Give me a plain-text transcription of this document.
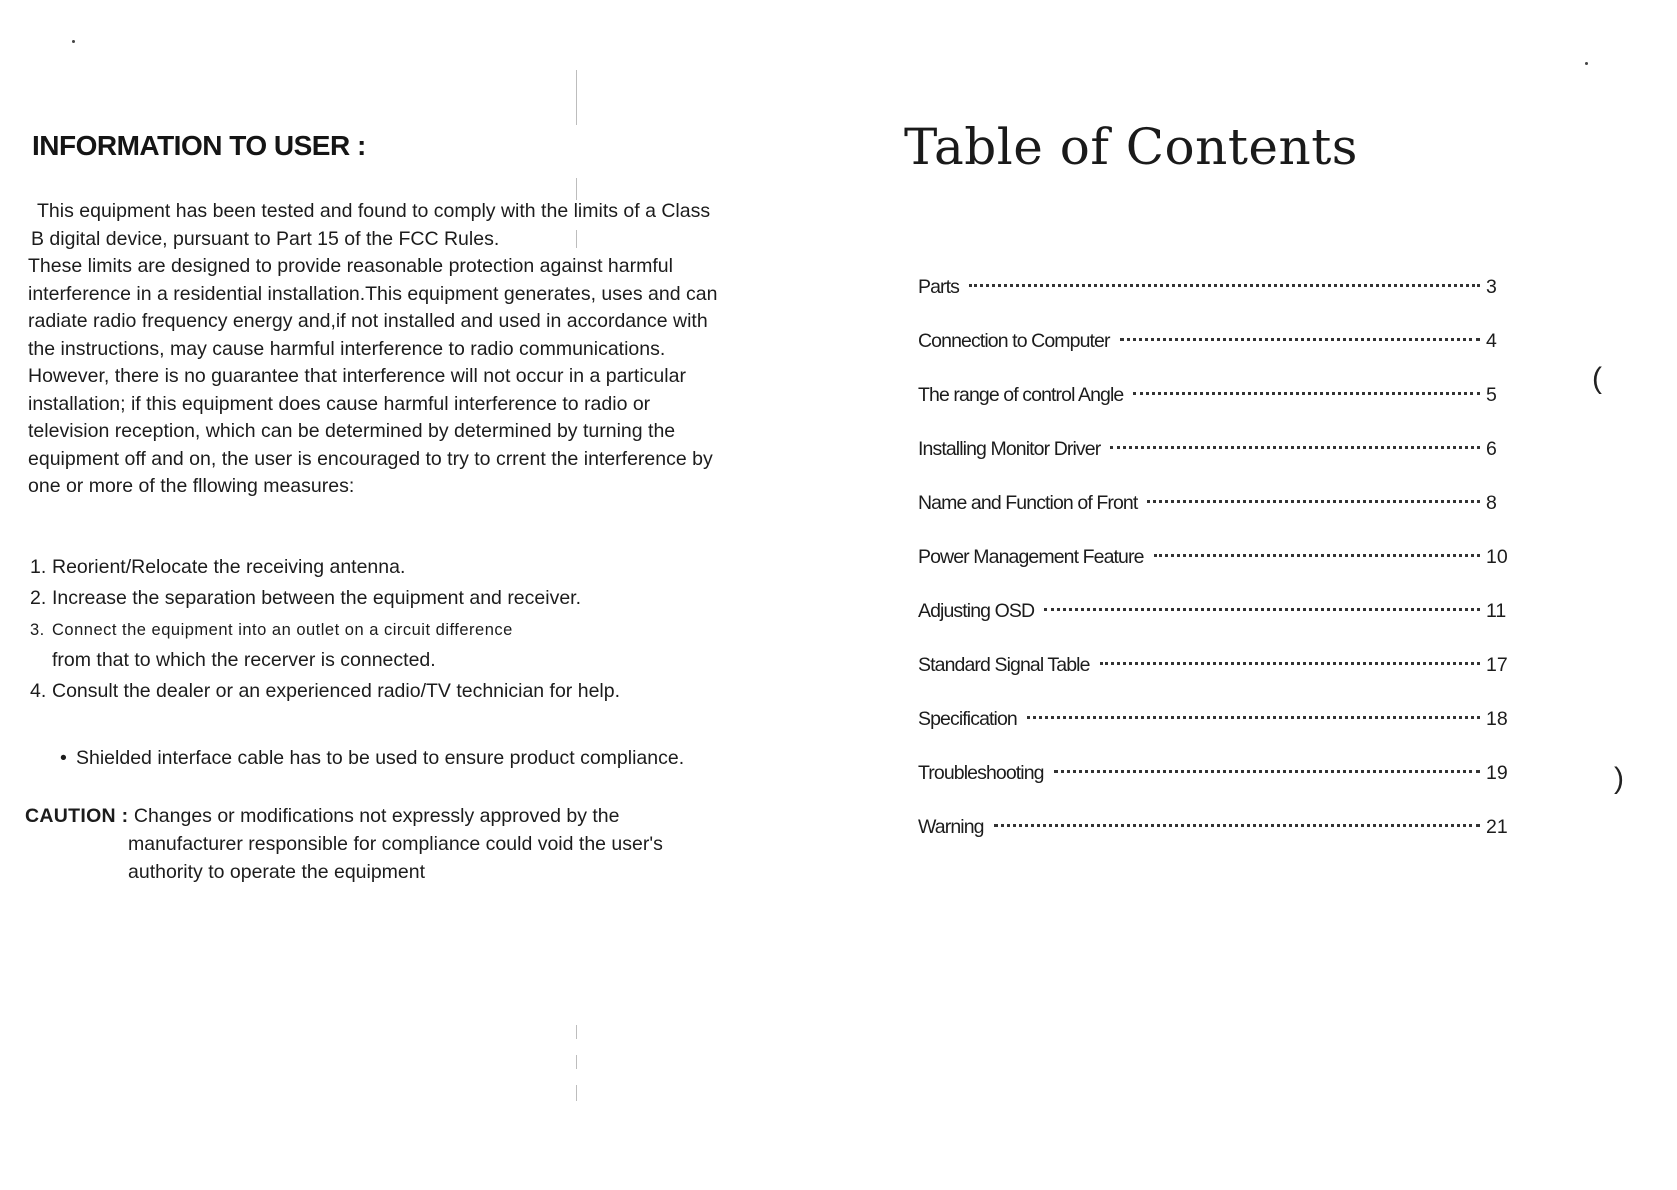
INFORMATION TO USER :
This equipment has been tested and found to comply with the limits of a Class
B digital device, pursuant to Part 15 of the FCC Rules.
These limits are designed to provide reasonable protection against harmful
interference in a residential installation.This equipment generates, uses and can
radiate radio frequency energy and,if not installed and used in accordance with
the instructions, may cause harmful interference to radio communications.
However, there is no guarantee that interference will not occur in a particular
installation; if this equipment does cause harmful interference to radio or
television reception, which can be determined by determined by turning the
equipment off and on, the user is encouraged to try to crrent the interference by
one or more of the fllowing measures:
1. Reorient/Relocate the receiving antenna.
2. Increase the separation between the equipment and receiver.
3. Connect the equipment into an outlet on a circuit difference
from that to which the recerver is connected.
4. Consult the dealer or an experienced radio/TV technician for help.
• Shielded interface cable has to be used to ensure product compliance.
CAUTION : Changes or modifications not expressly approved by the
manufacturer responsible for compliance could void the user's
authority to operate the equipment
Table of Contents
Parts	3
Connection to Computer	4
The range of control Angle	5
Installing Monitor Driver	6
Name and Function of Front	8
Power Management Feature	10
Adjusting OSD	11
Standard Signal Table	17
Specification	18
Troubleshooting	19
Warning	21
(
)
